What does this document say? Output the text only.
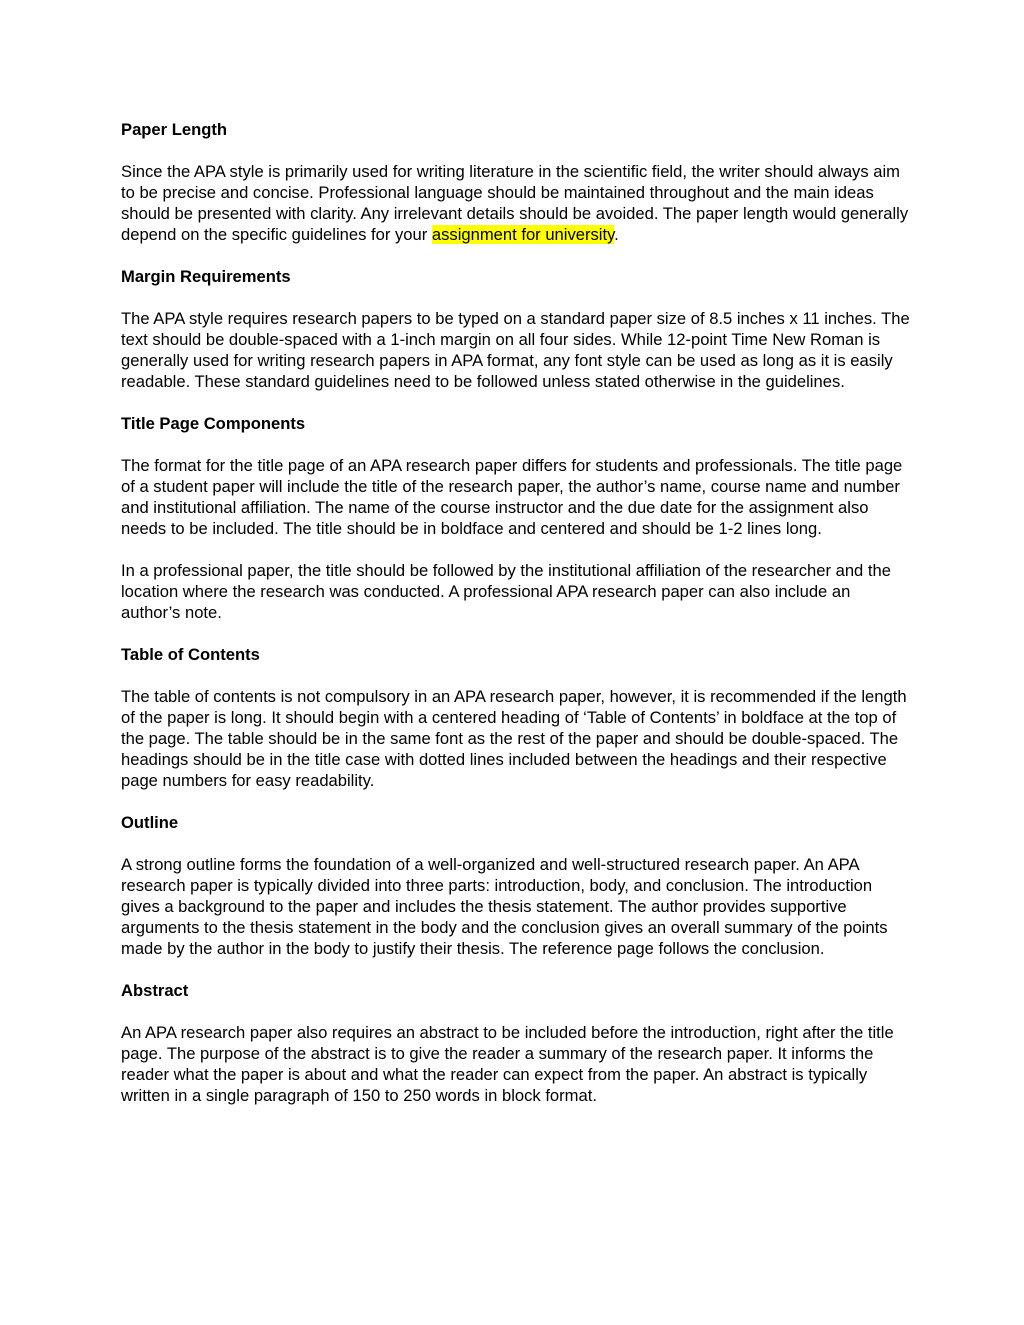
Paper Length

Since the APA style is primarily used for writing literature in the scientific field, the writer should always aim to be precise and concise. Professional language should be maintained throughout and the main ideas should be presented with clarity. Any irrelevant details should be avoided. The paper length would generally depend on the specific guidelines for your assignment for university.

Margin Requirements

The APA style requires research papers to be typed on a standard paper size of 8.5 inches x 11 inches. The text should be double-spaced with a 1-inch margin on all four sides. While 12-point Time New Roman is generally used for writing research papers in APA format, any font style can be used as long as it is easily readable. These standard guidelines need to be followed unless stated otherwise in the guidelines.

Title Page Components

The format for the title page of an APA research paper differs for students and professionals. The title page of a student paper will include the title of the research paper, the author’s name, course name and number and institutional affiliation. The name of the course instructor and the due date for the assignment also needs to be included. The title should be in boldface and centered and should be 1-2 lines long.

In a professional paper, the title should be followed by the institutional affiliation of the researcher and the location where the research was conducted. A professional APA research paper can also include an author’s note.

Table of Contents

The table of contents is not compulsory in an APA research paper, however, it is recommended if the length of the paper is long. It should begin with a centered heading of ‘Table of Contents’ in boldface at the top of the page. The table should be in the same font as the rest of the paper and should be double-spaced. The headings should be in the title case with dotted lines included between the headings and their respective page numbers for easy readability.

Outline

A strong outline forms the foundation of a well-organized and well-structured research paper. An APA research paper is typically divided into three parts: introduction, body, and conclusion. The introduction gives a background to the paper and includes the thesis statement. The author provides supportive arguments to the thesis statement in the body and the conclusion gives an overall summary of the points made by the author in the body to justify their thesis. The reference page follows the conclusion.

Abstract

An APA research paper also requires an abstract to be included before the introduction, right after the title page. The purpose of the abstract is to give the reader a summary of the research paper. It informs the reader what the paper is about and what the reader can expect from the paper. An abstract is typically written in a single paragraph of 150 to 250 words in block format.
